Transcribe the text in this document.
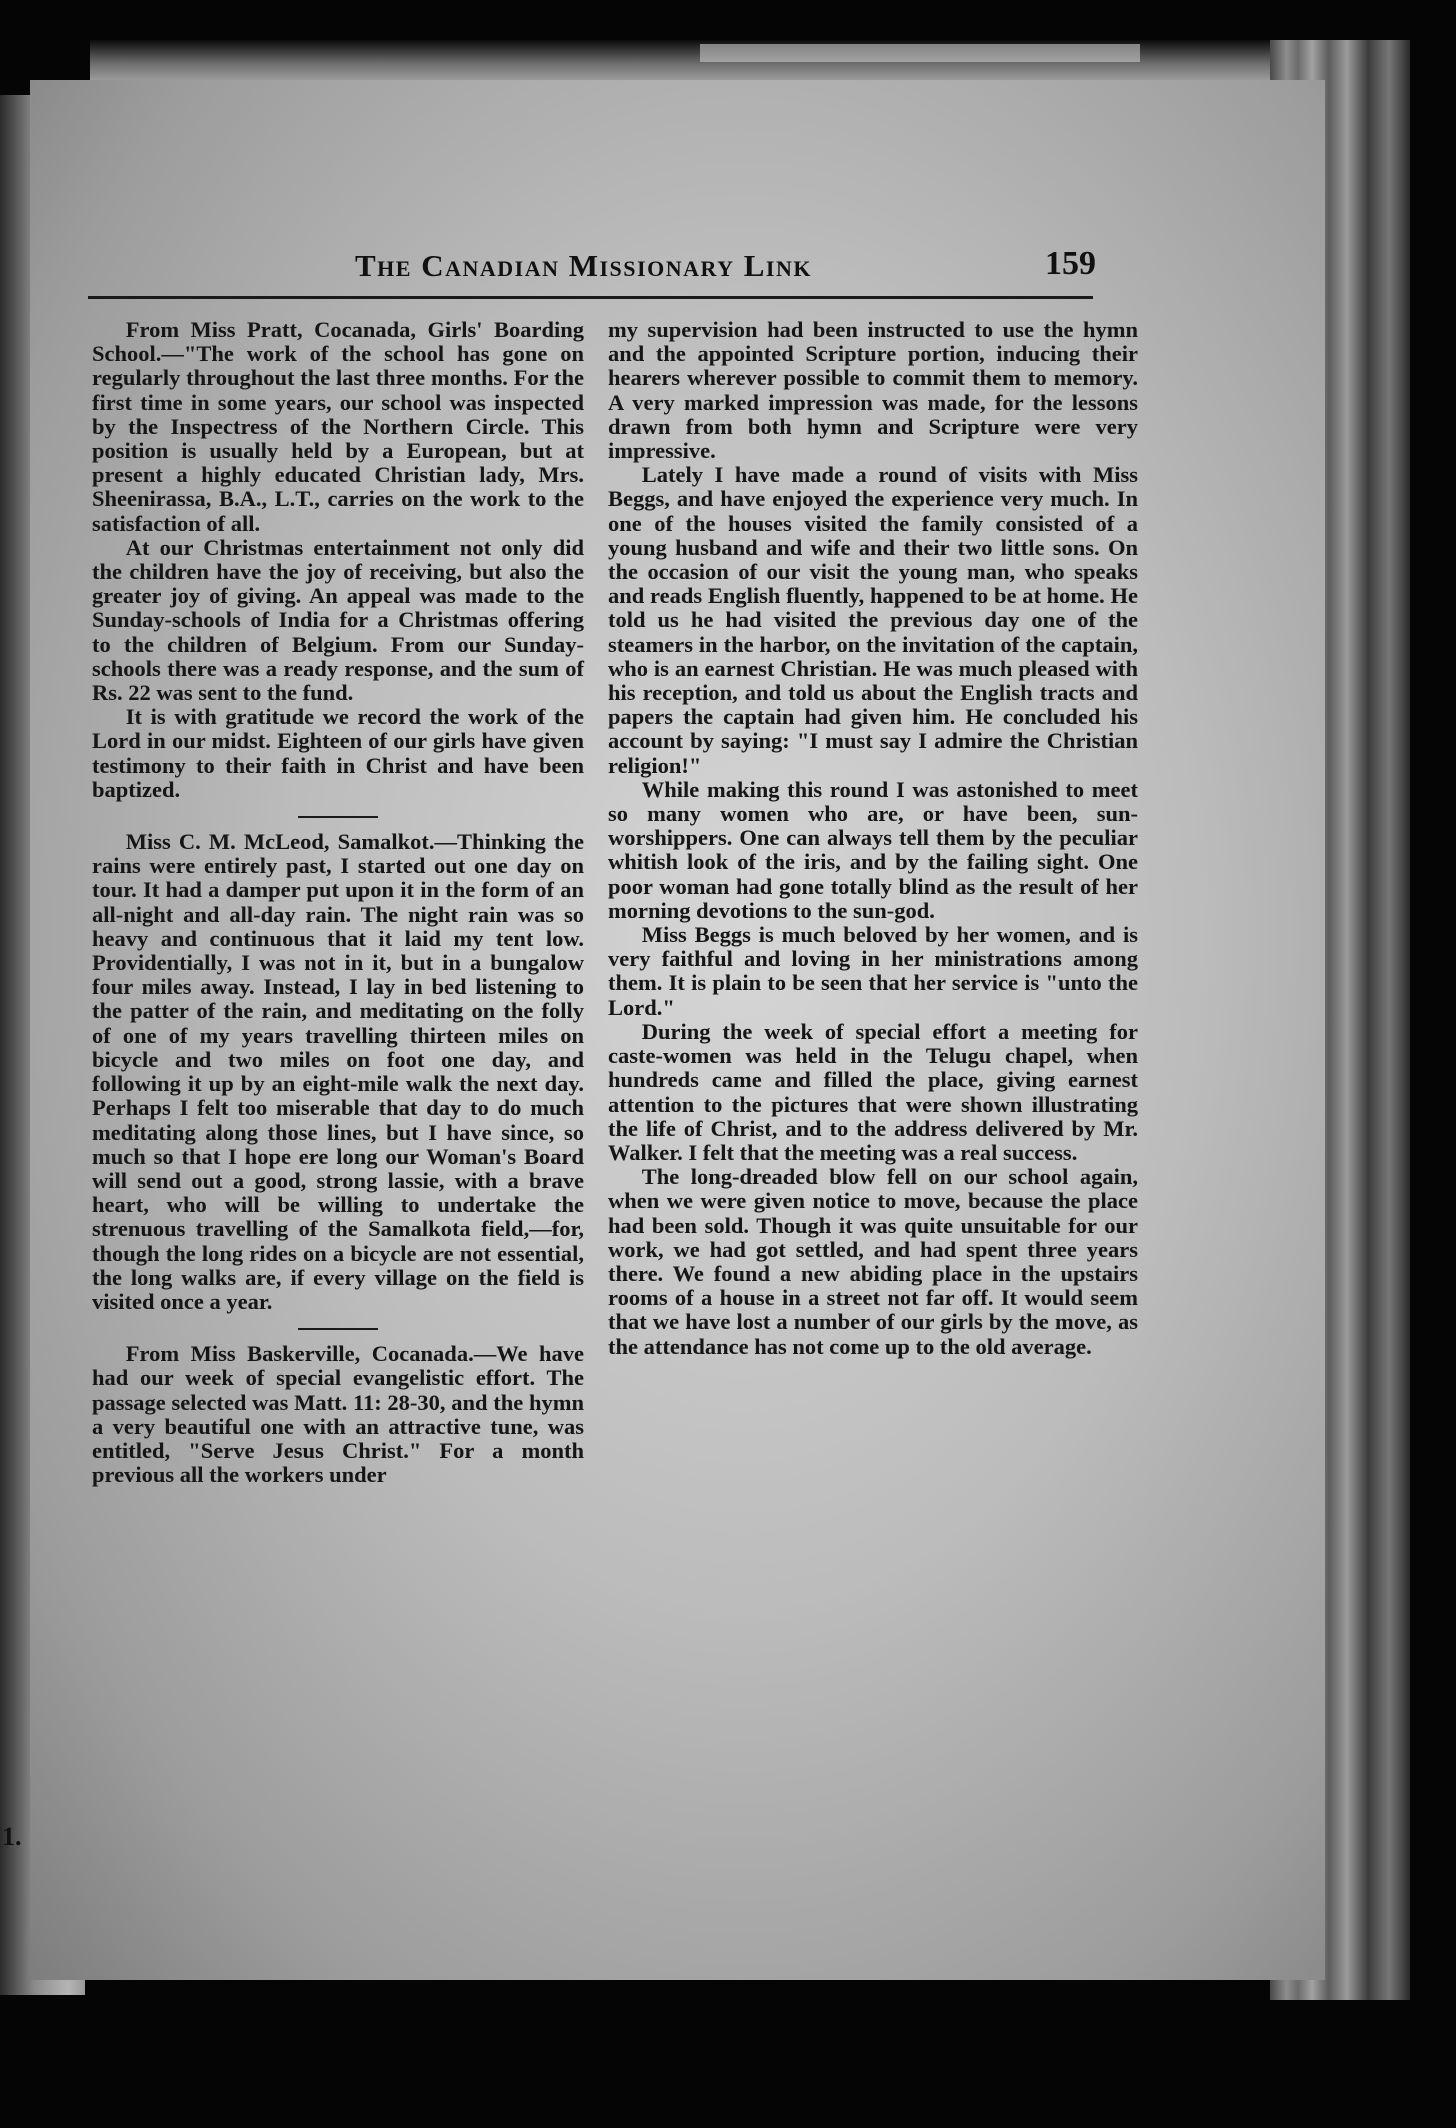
1.
The Canadian Missionary Link	159

From Miss Pratt, Cocanada, Girls' Boarding School.—"The work of the school has gone on regularly throughout the last three months. For the first time in some years, our school was inspected by the Inspectress of the Northern Circle. This position is usually held by a European, but at present a highly educated Christian lady, Mrs. Sheenirassa, B.A., L.T., carries on the work to the satisfaction of all.

At our Christmas entertainment not only did the children have the joy of receiving, but also the greater joy of giving. An appeal was made to the Sunday-schools of India for a Christmas offering to the children of Belgium. From our Sunday-schools there was a ready response, and the sum of Rs. 22 was sent to the fund.

It is with gratitude we record the work of the Lord in our midst. Eighteen of our girls have given testimony to their faith in Christ and have been baptized.

Miss C. M. McLeod, Samalkot.—Thinking the rains were entirely past, I started out one day on tour. It had a damper put upon it in the form of an all-night and all-day rain. The night rain was so heavy and continuous that it laid my tent low. Providentially, I was not in it, but in a bungalow four miles away. Instead, I lay in bed listening to the patter of the rain, and meditating on the folly of one of my years travelling thirteen miles on bicycle and two miles on foot one day, and following it up by an eight-mile walk the next day. Perhaps I felt too miserable that day to do much meditating along those lines, but I have since, so much so that I hope ere long our Woman's Board will send out a good, strong lassie, with a brave heart, who will be willing to undertake the strenuous travelling of the Samalkota field,—for, though the long rides on a bicycle are not essential, the long walks are, if every village on the field is visited once a year.

From Miss Baskerville, Cocanada.—We have had our week of special evangelistic effort. The passage selected was Matt. 11: 28-30, and the hymn a very beautiful one with an attractive tune, was entitled, "Serve Jesus Christ." For a month previous all the workers under

my supervision had been instructed to use the hymn and the appointed Scripture portion, inducing their hearers wherever possible to commit them to memory. A very marked impression was made, for the lessons drawn from both hymn and Scripture were very impressive.

Lately I have made a round of visits with Miss Beggs, and have enjoyed the experience very much. In one of the houses visited the family consisted of a young husband and wife and their two little sons. On the occasion of our visit the young man, who speaks and reads English fluently, happened to be at home. He told us he had visited the previous day one of the steamers in the harbor, on the invitation of the captain, who is an earnest Christian. He was much pleased with his reception, and told us about the English tracts and papers the captain had given him. He concluded his account by saying: "I must say I admire the Christian religion!"

While making this round I was astonished to meet so many women who are, or have been, sun-worshippers. One can always tell them by the peculiar whitish look of the iris, and by the failing sight. One poor woman had gone totally blind as the result of her morning devotions to the sun-god.

Miss Beggs is much beloved by her women, and is very faithful and loving in her ministrations among them. It is plain to be seen that her service is "unto the Lord."

During the week of special effort a meeting for caste-women was held in the Telugu chapel, when hundreds came and filled the place, giving earnest attention to the pictures that were shown illustrating the life of Christ, and to the address delivered by Mr. Walker. I felt that the meeting was a real success.

The long-dreaded blow fell on our school again, when we were given notice to move, because the place had been sold. Though it was quite unsuitable for our work, we had got settled, and had spent three years there. We found a new abiding place in the upstairs rooms of a house in a street not far off. It would seem that we have lost a number of our girls by the move, as the attendance has not come up to the old average.
